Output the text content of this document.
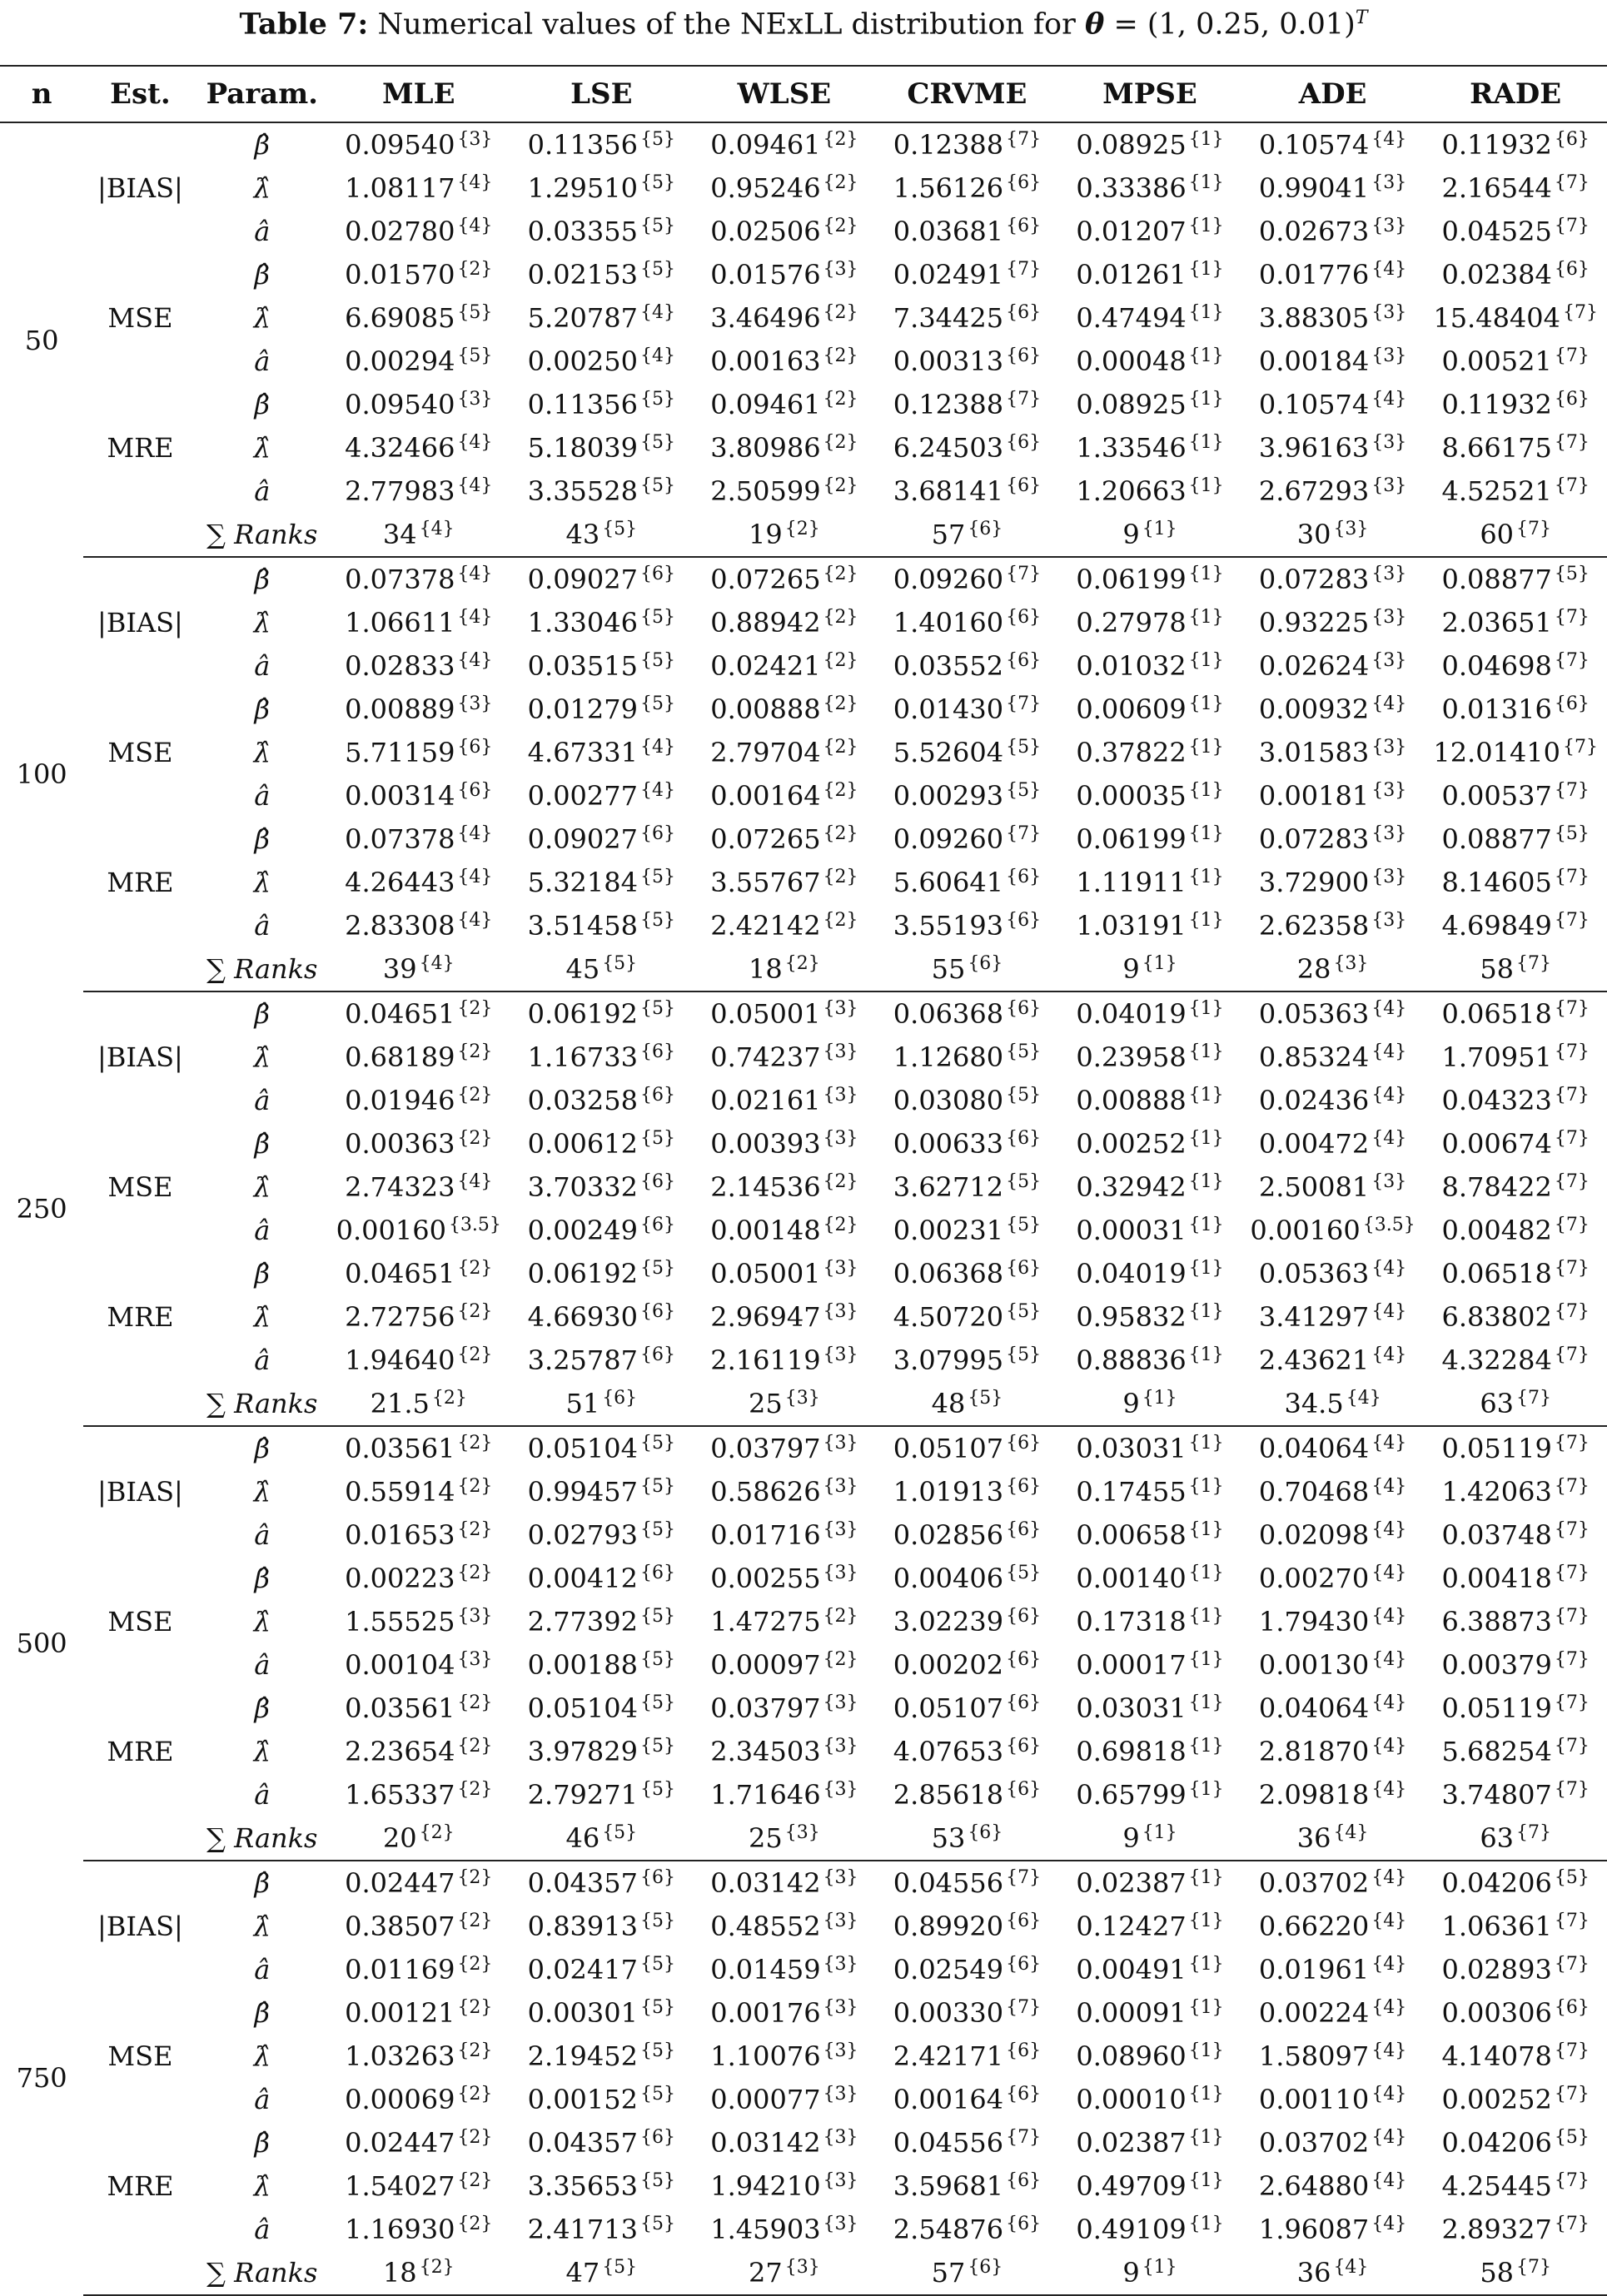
Table 7: Numerical values of the NExLL distribution for θ = (1, 0.25, 0.01)$^T$
n	Est.	Param.	MLE	LSE	WLSE	CRVME	MPSE	ADE	RADE
50	|BIAS|	β̂	0.09540 $^{\{3\}}$	0.11356 $^{\{5\}}$	0.09461 $^{\{2\}}$	0.12388 $^{\{7\}}$	0.08925 $^{\{1\}}$	0.10574 $^{\{4\}}$	0.11932 $^{\{6\}}$
		λ̂	1.08117 $^{\{4\}}$	1.29510 $^{\{5\}}$	0.95246 $^{\{2\}}$	1.56126 $^{\{6\}}$	0.33386 $^{\{1\}}$	0.99041 $^{\{3\}}$	2.16544 $^{\{7\}}$
		â	0.02780 $^{\{4\}}$	0.03355 $^{\{5\}}$	0.02506 $^{\{2\}}$	0.03681 $^{\{6\}}$	0.01207 $^{\{1\}}$	0.02673 $^{\{3\}}$	0.04525 $^{\{7\}}$
	MSE	β̂	0.01570 $^{\{2\}}$	0.02153 $^{\{5\}}$	0.01576 $^{\{3\}}$	0.02491 $^{\{7\}}$	0.01261 $^{\{1\}}$	0.01776 $^{\{4\}}$	0.02384 $^{\{6\}}$
		λ̂	6.69085 $^{\{5\}}$	5.20787 $^{\{4\}}$	3.46496 $^{\{2\}}$	7.34425 $^{\{6\}}$	0.47494 $^{\{1\}}$	3.88305 $^{\{3\}}$	15.48404 $^{\{7\}}$
		â	0.00294 $^{\{5\}}$	0.00250 $^{\{4\}}$	0.00163 $^{\{2\}}$	0.00313 $^{\{6\}}$	0.00048 $^{\{1\}}$	0.00184 $^{\{3\}}$	0.00521 $^{\{7\}}$
	MRE	β̂	0.09540 $^{\{3\}}$	0.11356 $^{\{5\}}$	0.09461 $^{\{2\}}$	0.12388 $^{\{7\}}$	0.08925 $^{\{1\}}$	0.10574 $^{\{4\}}$	0.11932 $^{\{6\}}$
		λ̂	4.32466 $^{\{4\}}$	5.18039 $^{\{5\}}$	3.80986 $^{\{2\}}$	6.24503 $^{\{6\}}$	1.33546 $^{\{1\}}$	3.96163 $^{\{3\}}$	8.66175 $^{\{7\}}$
		â	2.77983 $^{\{4\}}$	3.35528 $^{\{5\}}$	2.50599 $^{\{2\}}$	3.68141 $^{\{6\}}$	1.20663 $^{\{1\}}$	2.67293 $^{\{3\}}$	4.52521 $^{\{7\}}$
		∑ Ranks	34 $^{\{4\}}$	43 $^{\{5\}}$	19 $^{\{2\}}$	57 $^{\{6\}}$	9 $^{\{1\}}$	30 $^{\{3\}}$	60 $^{\{7\}}$
100	|BIAS|	β̂	0.07378 $^{\{4\}}$	0.09027 $^{\{6\}}$	0.07265 $^{\{2\}}$	0.09260 $^{\{7\}}$	0.06199 $^{\{1\}}$	0.07283 $^{\{3\}}$	0.08877 $^{\{5\}}$
		λ̂	1.06611 $^{\{4\}}$	1.33046 $^{\{5\}}$	0.88942 $^{\{2\}}$	1.40160 $^{\{6\}}$	0.27978 $^{\{1\}}$	0.93225 $^{\{3\}}$	2.03651 $^{\{7\}}$
		â	0.02833 $^{\{4\}}$	0.03515 $^{\{5\}}$	0.02421 $^{\{2\}}$	0.03552 $^{\{6\}}$	0.01032 $^{\{1\}}$	0.02624 $^{\{3\}}$	0.04698 $^{\{7\}}$
	MSE	β̂	0.00889 $^{\{3\}}$	0.01279 $^{\{5\}}$	0.00888 $^{\{2\}}$	0.01430 $^{\{7\}}$	0.00609 $^{\{1\}}$	0.00932 $^{\{4\}}$	0.01316 $^{\{6\}}$
		λ̂	5.71159 $^{\{6\}}$	4.67331 $^{\{4\}}$	2.79704 $^{\{2\}}$	5.52604 $^{\{5\}}$	0.37822 $^{\{1\}}$	3.01583 $^{\{3\}}$	12.01410 $^{\{7\}}$
		â	0.00314 $^{\{6\}}$	0.00277 $^{\{4\}}$	0.00164 $^{\{2\}}$	0.00293 $^{\{5\}}$	0.00035 $^{\{1\}}$	0.00181 $^{\{3\}}$	0.00537 $^{\{7\}}$
	MRE	β̂	0.07378 $^{\{4\}}$	0.09027 $^{\{6\}}$	0.07265 $^{\{2\}}$	0.09260 $^{\{7\}}$	0.06199 $^{\{1\}}$	0.07283 $^{\{3\}}$	0.08877 $^{\{5\}}$
		λ̂	4.26443 $^{\{4\}}$	5.32184 $^{\{5\}}$	3.55767 $^{\{2\}}$	5.60641 $^{\{6\}}$	1.11911 $^{\{1\}}$	3.72900 $^{\{3\}}$	8.14605 $^{\{7\}}$
		â	2.83308 $^{\{4\}}$	3.51458 $^{\{5\}}$	2.42142 $^{\{2\}}$	3.55193 $^{\{6\}}$	1.03191 $^{\{1\}}$	2.62358 $^{\{3\}}$	4.69849 $^{\{7\}}$
		∑ Ranks	39 $^{\{4\}}$	45 $^{\{5\}}$	18 $^{\{2\}}$	55 $^{\{6\}}$	9 $^{\{1\}}$	28 $^{\{3\}}$	58 $^{\{7\}}$
250	|BIAS|	β̂	0.04651 $^{\{2\}}$	0.06192 $^{\{5\}}$	0.05001 $^{\{3\}}$	0.06368 $^{\{6\}}$	0.04019 $^{\{1\}}$	0.05363 $^{\{4\}}$	0.06518 $^{\{7\}}$
		λ̂	0.68189 $^{\{2\}}$	1.16733 $^{\{6\}}$	0.74237 $^{\{3\}}$	1.12680 $^{\{5\}}$	0.23958 $^{\{1\}}$	0.85324 $^{\{4\}}$	1.70951 $^{\{7\}}$
		â	0.01946 $^{\{2\}}$	0.03258 $^{\{6\}}$	0.02161 $^{\{3\}}$	0.03080 $^{\{5\}}$	0.00888 $^{\{1\}}$	0.02436 $^{\{4\}}$	0.04323 $^{\{7\}}$
	MSE	β̂	0.00363 $^{\{2\}}$	0.00612 $^{\{5\}}$	0.00393 $^{\{3\}}$	0.00633 $^{\{6\}}$	0.00252 $^{\{1\}}$	0.00472 $^{\{4\}}$	0.00674 $^{\{7\}}$
		λ̂	2.74323 $^{\{4\}}$	3.70332 $^{\{6\}}$	2.14536 $^{\{2\}}$	3.62712 $^{\{5\}}$	0.32942 $^{\{1\}}$	2.50081 $^{\{3\}}$	8.78422 $^{\{7\}}$
		â	0.00160 $^{\{3.5\}}$	0.00249 $^{\{6\}}$	0.00148 $^{\{2\}}$	0.00231 $^{\{5\}}$	0.00031 $^{\{1\}}$	0.00160 $^{\{3.5\}}$	0.00482 $^{\{7\}}$
	MRE	β̂	0.04651 $^{\{2\}}$	0.06192 $^{\{5\}}$	0.05001 $^{\{3\}}$	0.06368 $^{\{6\}}$	0.04019 $^{\{1\}}$	0.05363 $^{\{4\}}$	0.06518 $^{\{7\}}$
		λ̂	2.72756 $^{\{2\}}$	4.66930 $^{\{6\}}$	2.96947 $^{\{3\}}$	4.50720 $^{\{5\}}$	0.95832 $^{\{1\}}$	3.41297 $^{\{4\}}$	6.83802 $^{\{7\}}$
		â	1.94640 $^{\{2\}}$	3.25787 $^{\{6\}}$	2.16119 $^{\{3\}}$	3.07995 $^{\{5\}}$	0.88836 $^{\{1\}}$	2.43621 $^{\{4\}}$	4.32284 $^{\{7\}}$
		∑ Ranks	21.5 $^{\{2\}}$	51 $^{\{6\}}$	25 $^{\{3\}}$	48 $^{\{5\}}$	9 $^{\{1\}}$	34.5 $^{\{4\}}$	63 $^{\{7\}}$
500	|BIAS|	β̂	0.03561 $^{\{2\}}$	0.05104 $^{\{5\}}$	0.03797 $^{\{3\}}$	0.05107 $^{\{6\}}$	0.03031 $^{\{1\}}$	0.04064 $^{\{4\}}$	0.05119 $^{\{7\}}$
		λ̂	0.55914 $^{\{2\}}$	0.99457 $^{\{5\}}$	0.58626 $^{\{3\}}$	1.01913 $^{\{6\}}$	0.17455 $^{\{1\}}$	0.70468 $^{\{4\}}$	1.42063 $^{\{7\}}$
		â	0.01653 $^{\{2\}}$	0.02793 $^{\{5\}}$	0.01716 $^{\{3\}}$	0.02856 $^{\{6\}}$	0.00658 $^{\{1\}}$	0.02098 $^{\{4\}}$	0.03748 $^{\{7\}}$
	MSE	β̂	0.00223 $^{\{2\}}$	0.00412 $^{\{6\}}$	0.00255 $^{\{3\}}$	0.00406 $^{\{5\}}$	0.00140 $^{\{1\}}$	0.00270 $^{\{4\}}$	0.00418 $^{\{7\}}$
		λ̂	1.55525 $^{\{3\}}$	2.77392 $^{\{5\}}$	1.47275 $^{\{2\}}$	3.02239 $^{\{6\}}$	0.17318 $^{\{1\}}$	1.79430 $^{\{4\}}$	6.38873 $^{\{7\}}$
		â	0.00104 $^{\{3\}}$	0.00188 $^{\{5\}}$	0.00097 $^{\{2\}}$	0.00202 $^{\{6\}}$	0.00017 $^{\{1\}}$	0.00130 $^{\{4\}}$	0.00379 $^{\{7\}}$
	MRE	β̂	0.03561 $^{\{2\}}$	0.05104 $^{\{5\}}$	0.03797 $^{\{3\}}$	0.05107 $^{\{6\}}$	0.03031 $^{\{1\}}$	0.04064 $^{\{4\}}$	0.05119 $^{\{7\}}$
		λ̂	2.23654 $^{\{2\}}$	3.97829 $^{\{5\}}$	2.34503 $^{\{3\}}$	4.07653 $^{\{6\}}$	0.69818 $^{\{1\}}$	2.81870 $^{\{4\}}$	5.68254 $^{\{7\}}$
		â	1.65337 $^{\{2\}}$	2.79271 $^{\{5\}}$	1.71646 $^{\{3\}}$	2.85618 $^{\{6\}}$	0.65799 $^{\{1\}}$	2.09818 $^{\{4\}}$	3.74807 $^{\{7\}}$
		∑ Ranks	20 $^{\{2\}}$	46 $^{\{5\}}$	25 $^{\{3\}}$	53 $^{\{6\}}$	9 $^{\{1\}}$	36 $^{\{4\}}$	63 $^{\{7\}}$
750	|BIAS|	β̂	0.02447 $^{\{2\}}$	0.04357 $^{\{6\}}$	0.03142 $^{\{3\}}$	0.04556 $^{\{7\}}$	0.02387 $^{\{1\}}$	0.03702 $^{\{4\}}$	0.04206 $^{\{5\}}$
		λ̂	0.38507 $^{\{2\}}$	0.83913 $^{\{5\}}$	0.48552 $^{\{3\}}$	0.89920 $^{\{6\}}$	0.12427 $^{\{1\}}$	0.66220 $^{\{4\}}$	1.06361 $^{\{7\}}$
		â	0.01169 $^{\{2\}}$	0.02417 $^{\{5\}}$	0.01459 $^{\{3\}}$	0.02549 $^{\{6\}}$	0.00491 $^{\{1\}}$	0.01961 $^{\{4\}}$	0.02893 $^{\{7\}}$
	MSE	β̂	0.00121 $^{\{2\}}$	0.00301 $^{\{5\}}$	0.00176 $^{\{3\}}$	0.00330 $^{\{7\}}$	0.00091 $^{\{1\}}$	0.00224 $^{\{4\}}$	0.00306 $^{\{6\}}$
		λ̂	1.03263 $^{\{2\}}$	2.19452 $^{\{5\}}$	1.10076 $^{\{3\}}$	2.42171 $^{\{6\}}$	0.08960 $^{\{1\}}$	1.58097 $^{\{4\}}$	4.14078 $^{\{7\}}$
		â	0.00069 $^{\{2\}}$	0.00152 $^{\{5\}}$	0.00077 $^{\{3\}}$	0.00164 $^{\{6\}}$	0.00010 $^{\{1\}}$	0.00110 $^{\{4\}}$	0.00252 $^{\{7\}}$
	MRE	β̂	0.02447 $^{\{2\}}$	0.04357 $^{\{6\}}$	0.03142 $^{\{3\}}$	0.04556 $^{\{7\}}$	0.02387 $^{\{1\}}$	0.03702 $^{\{4\}}$	0.04206 $^{\{5\}}$
		λ̂	1.54027 $^{\{2\}}$	3.35653 $^{\{5\}}$	1.94210 $^{\{3\}}$	3.59681 $^{\{6\}}$	0.49709 $^{\{1\}}$	2.64880 $^{\{4\}}$	4.25445 $^{\{7\}}$
		â	1.16930 $^{\{2\}}$	2.41713 $^{\{5\}}$	1.45903 $^{\{3\}}$	2.54876 $^{\{6\}}$	0.49109 $^{\{1\}}$	1.96087 $^{\{4\}}$	2.89327 $^{\{7\}}$
		∑ Ranks	18 $^{\{2\}}$	47 $^{\{5\}}$	27 $^{\{3\}}$	57 $^{\{6\}}$	9 $^{\{1\}}$	36 $^{\{4\}}$	58 $^{\{7\}}$
